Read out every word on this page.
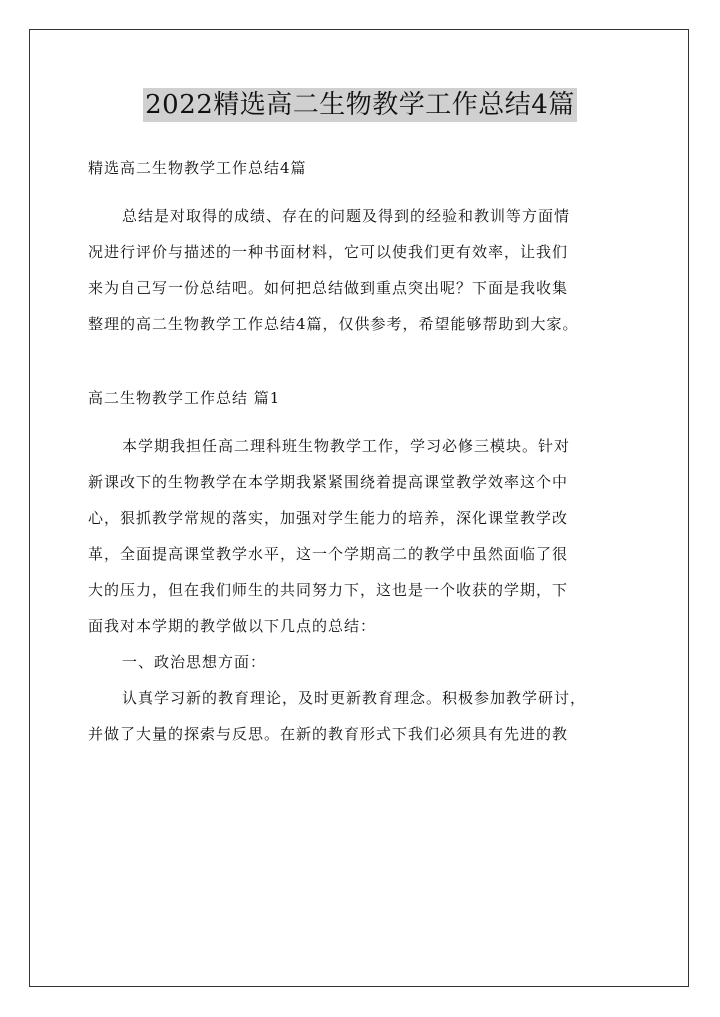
2022精选高二生物教学工作总结4篇
精选高二生物教学工作总结4篇
总结是对取得的成绩、存在的问题及得到的经验和教训等方面情
况进行评价与描述的一种书面材料，它可以使我们更有效率，让我们
来为自己写一份总结吧。如何把总结做到重点突出呢？下面是我收集
整理的高二生物教学工作总结4篇，仅供参考，希望能够帮助到大家。
高二生物教学工作总结 篇1
本学期我担任高二理科班生物教学工作，学习必修三模块。针对
新课改下的生物教学在本学期我紧紧围绕着提高课堂教学效率这个中
心，狠抓教学常规的落实，加强对学生能力的培养，深化课堂教学改
革，全面提高课堂教学水平，这一个学期高二的教学中虽然面临了很
大的压力，但在我们师生的共同努力下，这也是一个收获的学期，下
面我对本学期的教学做以下几点的总结：
一、政治思想方面：
认真学习新的教育理论，及时更新教育理念。积极参加教学研讨，
并做了大量的探索与反思。在新的教育形式下我们必须具有先进的教
